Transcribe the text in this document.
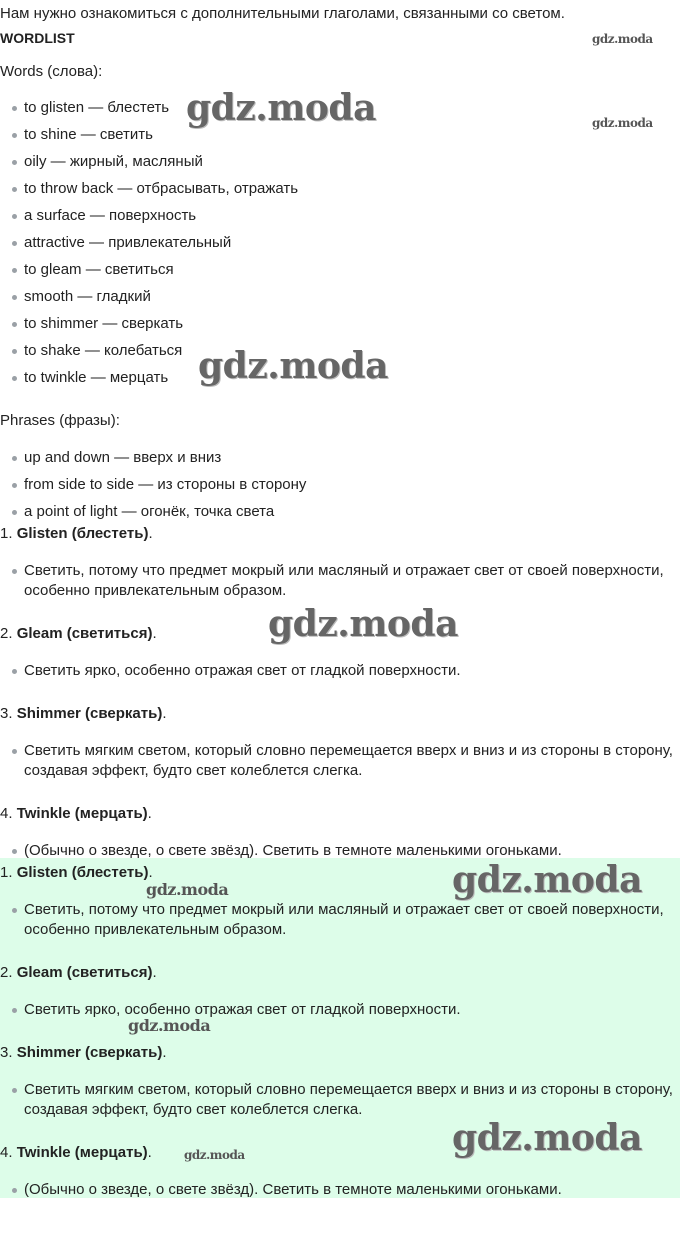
Нам нужно ознакомиться с дополнительными глаголами, связанными со светом.
WORDLIST
Words (слова):
to glisten — блестеть
to shine — светить
oily — жирный, масляный
to throw back — отбрасывать, отражать
a surface — поверхность
attractive — привлекательный
to gleam — светиться
smooth — гладкий
to shimmer — сверкать
to shake — колебаться
to twinkle — мерцать
Phrases (фразы):
up and down — вверх и вниз
from side to side — из стороны в сторону
a point of light — огонёк, точка света
1. Glisten (блестеть).
Светить, потому что предмет мокрый или масляный и отражает свет от своей поверхности, особенно привлекательным образом.
2. Gleam (светиться).
Светить ярко, особенно отражая свет от гладкой поверхности.
3. Shimmer (сверкать).
Светить мягким светом, который словно перемещается вверх и вниз и из стороны в сторону, создавая эффект, будто свет колеблется слегка.
4. Twinkle (мерцать).
(Обычно о звезде, о свете звёзд). Светить в темноте маленькими огоньками.
1. Glisten (блестеть).
Светить, потому что предмет мокрый или масляный и отражает свет от своей поверхности, особенно привлекательным образом.
2. Gleam (светиться).
Светить ярко, особенно отражая свет от гладкой поверхности.
3. Shimmer (сверкать).
Светить мягким светом, который словно перемещается вверх и вниз и из стороны в сторону, создавая эффект, будто свет колеблется слегка.
4. Twinkle (мерцать).
(Обычно о звезде, о свете звёзд). Светить в темноте маленькими огоньками.
gdz.moda
gdz.moda	gdz.moda
gdz.moda
gdz.moda
gdz.moda
gdz.moda
gdz.moda
gdz.moda
gdz.moda
